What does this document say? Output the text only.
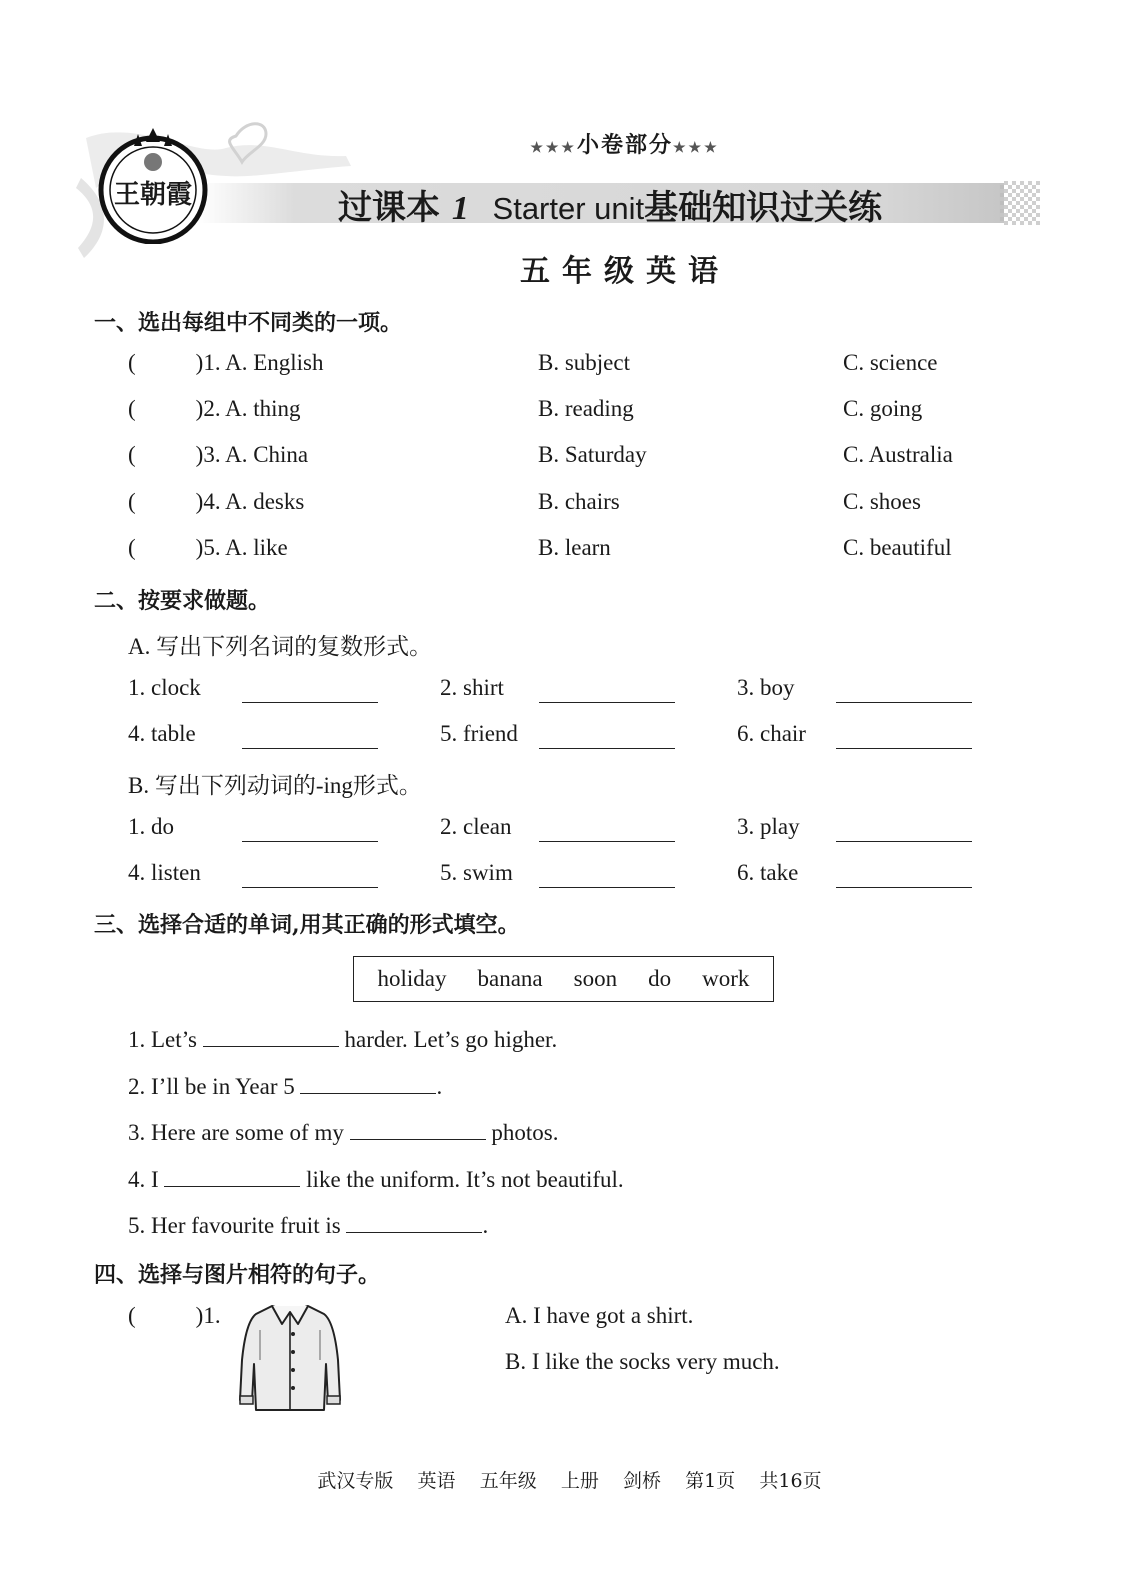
王朝霞
★★★小卷部分★★★
过课本 1 Starter unit基础知识过关练
五年级英语
一、选出每组中不同类的一项。
(	)1. A. English	B. subject	C. science
(	)2. A. thing	B. reading	C. going
(	)3. A. China	B. Saturday	C. Australia
(	)4. A. desks	B. chairs	C. shoes
(	)5. A. like	B. learn	C. beautiful
二、按要求做题。
A. 写出下列名词的复数形式。
1. clock	2. shirt	3. boy
4. table	5. friend	6. chair
B. 写出下列动词的-ing形式。
1. do	2. clean	3. play
4. listen	5. swim	6. take
三、选择合适的单词,用其正确的形式填空。
holiday banana soon do work
1. Let’s	harder. Let’s go higher.
2. I’ll be in Year 5	.
3. Here are some of my	photos.
4. I	like the uniform. It’s not beautiful.
5. Her favourite fruit is	.
四、选择与图片相符的句子。
(	)1.	A. I have got a shirt.
B. I like the socks very much.
武汉专版    英语    五年级    上册    剑桥    第1页    共16页
